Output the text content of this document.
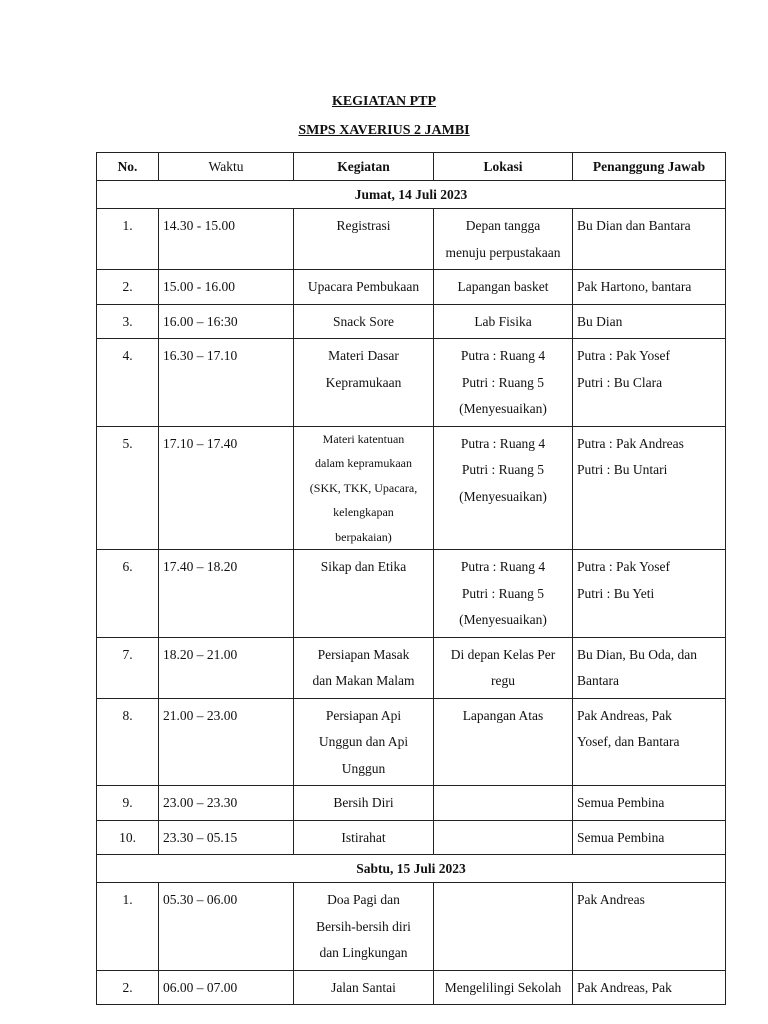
KEGIATAN PTP
SMPS XAVERIUS 2 JAMBI
No.	Waktu	Kegiatan	Lokasi	Penanggung Jawab
Jumat, 14 Juli 2023				
1.	14.30 - 15.00	Registrasi	Depan tangga
menuju perpustakaan	Bu Dian dan Bantara

2.	15.00 - 16.00	Upacara Pembukaan	Lapangan basket	Pak Hartono, bantara

3.	16.00 – 16:30	Snack Sore	Lab Fisika	Bu Dian

4.	16.30 – 17.10	Materi Dasar
Kepramukaan	Putra : Ruang 4
Putri : Ruang 5
(Menyesuaikan)	Putra : Pak Yosef
Putri : Bu Clara

5.	17.10 – 17.40	Materi katentuan
dalam kepramukaan
(SKK, TKK, Upacara,
kelengkapan
berpakaian)	Putra : Ruang 4
Putri : Ruang 5
(Menyesuaikan)	Putra : Pak Andreas
Putri : Bu Untari

6.	17.40 – 18.20	Sikap dan Etika	Putra : Ruang 4
Putri : Ruang 5
(Menyesuaikan)	Putra : Pak Yosef
Putri : Bu Yeti

7.	18.20 – 21.00	Persiapan Masak
dan Makan Malam	Di depan Kelas Per
regu	Bu Dian, Bu Oda, dan
Bantara

8.	21.00 – 23.00	Persiapan Api
Unggun dan Api
Unggun	Lapangan Atas	Pak Andreas, Pak
Yosef, dan Bantara

9.	23.00 – 23.30	Bersih Diri		Semua Pembina

10.	23.30 – 05.15	Istirahat		Semua Pembina

Sabtu, 15 Juli 2023				
1.	05.30 – 06.00	Doa Pagi dan
Bersih-bersih diri
dan Lingkungan		Pak Andreas

2.	06.00 – 07.00	Jalan Santai	Mengelilingi Sekolah	Pak Andreas, Pak
